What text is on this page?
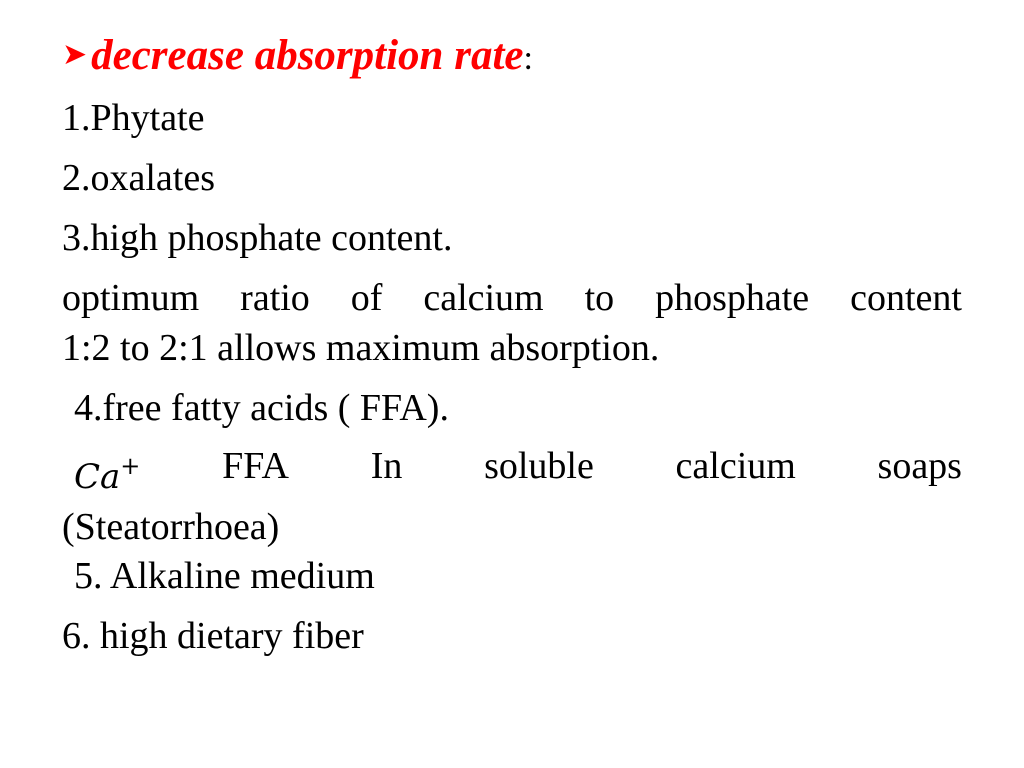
➤decrease absorption rate:
1.Phytate
2.oxalates
3.high phosphate content.
optimum ratio of calcium to phosphate content
1:2 to 2:1 allows maximum absorption.
4.free fatty acids ( FFA).
Ca+ FFA In soluble calcium soaps
(Steatorrhoea)
5. Alkaline medium
6. high dietary fiber
